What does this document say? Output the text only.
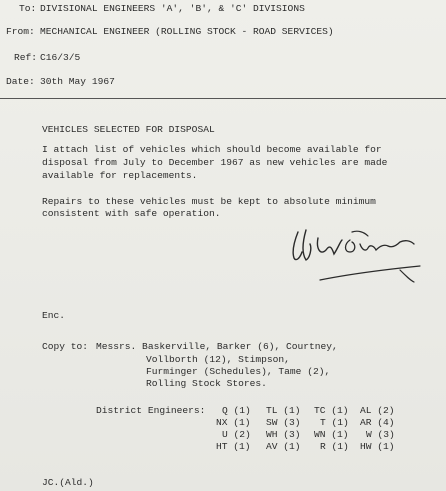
To: DIVISIONAL ENGINEERS 'A', 'B', & 'C' DIVISIONS
From: MECHANICAL ENGINEER (ROLLING STOCK - ROAD SERVICES)
Ref: C16/3/5
Date: 30th May 1967
VEHICLES SELECTED FOR DISPOSAL
I attach list of vehicles which should become available for
disposal from July to December 1967 as new vehicles are made
available for replacements.
Repairs to these vehicles must be kept to absolute minimum
consistent with safe operation.
Enc.
Copy to: Messrs. Baskerville, Barker (6), Courtney,
Vollborth (12), Stimpson,
Furminger (Schedules), Tame (2),
Rolling Stock Stores.
District Engineers: Q (1) TL (1) TC (1) AL (2)
NX (1) SW (3) T (1) AR (4)
U (2) WH (3) WN (1) W (3)
HT (1) AV (1) R (1) HW (1)
JC.(Ald.)
